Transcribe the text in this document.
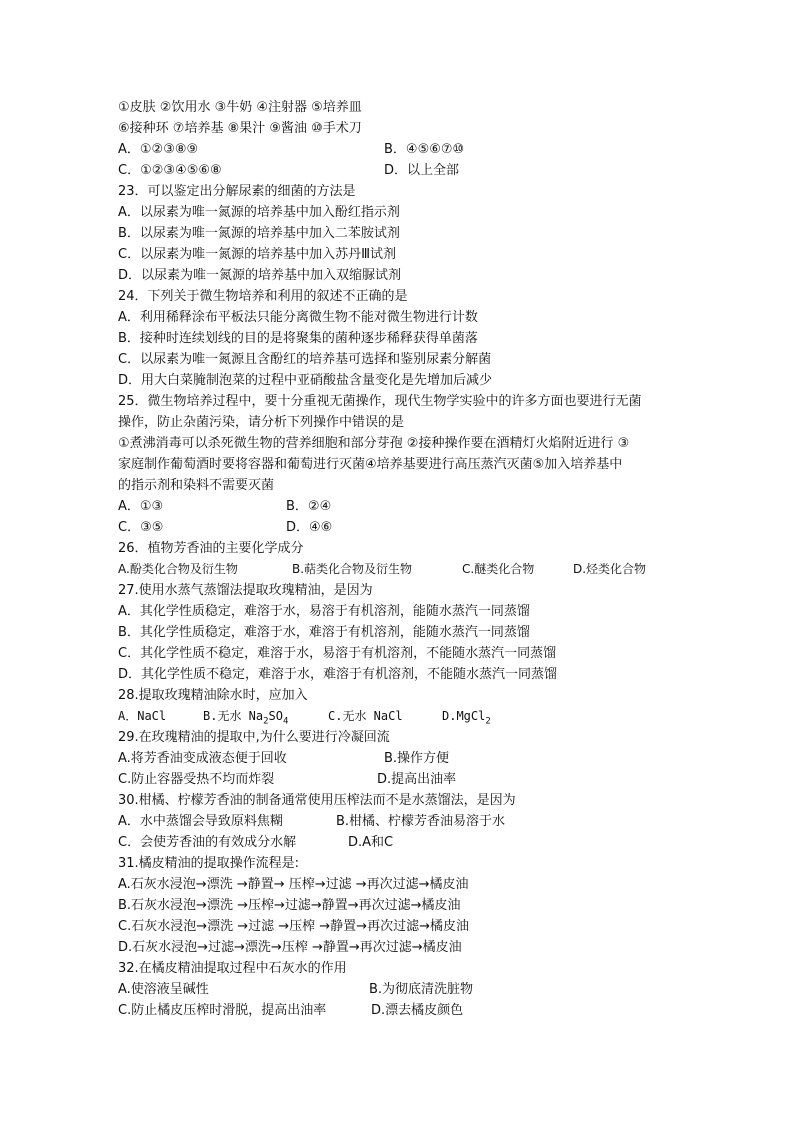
①皮肤 ②饮用水 ③牛奶 ④注射器 ⑤培养皿
⑥接种环 ⑦培养基 ⑧果汁 ⑨酱油 ⑩手术刀
A．①②③⑧⑨	B．④⑤⑥⑦⑩
C．①②③④⑤⑥⑧	D．以上全部
23．可以鉴定出分解尿素的细菌的方法是
A．以尿素为唯一氮源的培养基中加入酚红指示剂
B．以尿素为唯一氮源的培养基中加入二苯胺试剂
C．以尿素为唯一氮源的培养基中加入苏丹Ⅲ试剂
D．以尿素为唯一氮源的培养基中加入双缩脲试剂
24．下列关于微生物培养和利用的叙述不正确的是
A．利用稀释涂布平板法只能分离微生物不能对微生物进行计数
B．接种时连续划线的目的是将聚集的菌种逐步稀释获得单菌落
C．以尿素为唯一氮源且含酚红的培养基可选择和鉴别尿素分解菌
D．用大白菜腌制泡菜的过程中亚硝酸盐含量变化是先增加后减少
25．微生物培养过程中，要十分重视无菌操作，现代生物学实验中的许多方面也要进行无菌
操作，防止杂菌污染，请分析下列操作中错误的是
①煮沸消毒可以杀死微生物的营养细胞和部分芽孢 ②接种操作要在酒精灯火焰附近进行 ③
家庭制作葡萄酒时要将容器和葡萄进行灭菌④培养基要进行高压蒸汽灭菌⑤加入培养基中
的指示剂和染料不需要灭菌
A．①③	B．②④
C．③⑤	D．④⑥
26．植物芳香油的主要化学成分
A.酚类化合物及衍生物	B.萜类化合物及衍生物	C.醚类化合物	D.烃类化合物
27.使用水蒸气蒸馏法提取玫瑰精油，是因为
A．其化学性质稳定，难溶于水，易溶于有机溶剂，能随水蒸汽一同蒸馏
B．其化学性质稳定，难溶于水，难溶于有机溶剂，能随水蒸汽一同蒸馏
C．其化学性质不稳定，难溶于水，易溶于有机溶剂，不能随水蒸汽一同蒸馏
D．其化学性质不稳定，难溶于水，难溶于有机溶剂，不能随水蒸汽一同蒸馏
28.提取玫瑰精油除水时，应加入
A．NaCl	B.无水 $Na_2SO_4$	C.无水 NaCl	D.MgCl$_2$
29.在玫瑰精油的提取中,为什么要进行冷凝回流
A.将芳香油变成液态便于回收	B.操作方便
C.防止容器受热不均而炸裂	D.提高出油率
30.柑橘、柠檬芳香油的制备通常使用压榨法而不是水蒸馏法，是因为
A．水中蒸馏会导致原料焦糊	B.柑橘、柠檬芳香油易溶于水
C．会使芳香油的有效成分水解	D.A和C
31.橘皮精油的提取操作流程是:
A.石灰水浸泡→漂洗 →静置→ 压榨→过滤 →再次过滤→橘皮油
B.石灰水浸泡→漂洗 →压榨→过滤→静置→再次过滤→橘皮油
C.石灰水浸泡→漂洗 →过滤 →压榨 →静置→再次过滤→橘皮油
D.石灰水浸泡→过滤→漂洗→压榨 →静置→再次过滤→橘皮油
32.在橘皮精油提取过程中石灰水的作用
A.使溶液呈碱性	B.为彻底清洗脏物
C.防止橘皮压榨时滑脱，提高出油率	D.漂去橘皮颜色
